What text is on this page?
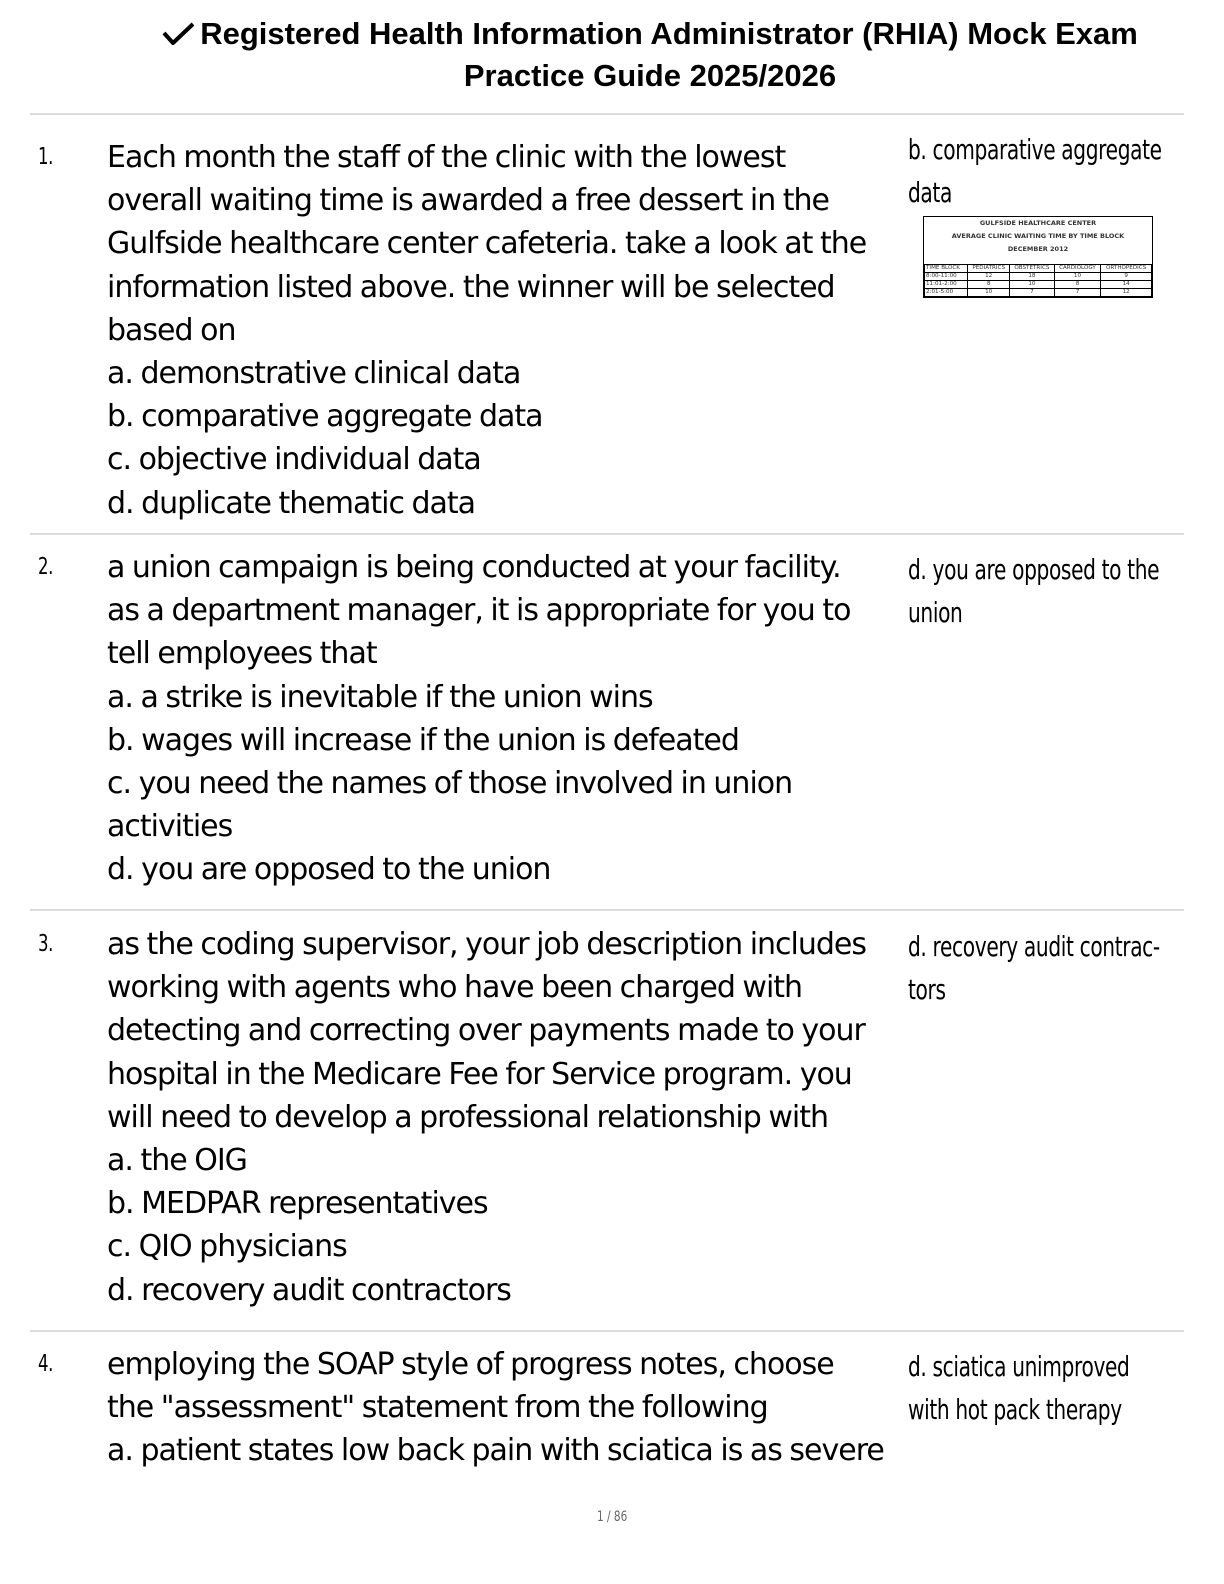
Registered Health Information Administrator (RHIA) Mock Exam
Practice Guide 2025/2026
1. Each month the staff of the clinic with the lowest
overall waiting time is awarded a free dessert in the
Gulfside healthcare center cafeteria. take a look at the
information listed above. the winner will be selected
based on
a. demonstrative clinical data
b. comparative aggregate data
c. objective individual data
d. duplicate thematic data
b. comparative aggregate
data
GULFSIDE HEALTHCARE CENTER
AVERAGE CLINIC WAITING TIME BY TIME BLOCK
DECEMBER 2012
TIME BLOCK	PEDIATRICS	OBSTETRICS	CARDIOLOGY	ORTHOPEDICS
8:00-11:00	12	18	10	9
11:01-2:00	8	10	8	14
2:01-5:00	10	7	7	12
2. a union campaign is being conducted at your facility.
as a department manager, it is appropriate for you to
tell employees that
a. a strike is inevitable if the union wins
b. wages will increase if the union is defeated
c. you need the names of those involved in union
activities
d. you are opposed to the union
d. you are opposed to the
union
3. as the coding supervisor, your job description includes
working with agents who have been charged with
detecting and correcting over payments made to your
hospital in the Medicare Fee for Service program. you
will need to develop a professional relationship with
a. the OIG
b. MEDPAR representatives
c. QIO physicians
d. recovery audit contractors
d. recovery audit contrac-
tors
4. employing the SOAP style of progress notes, choose
the "assessment" statement from the following
a. patient states low back pain with sciatica is as severe
d. sciatica unimproved
with hot pack therapy
1 / 86
